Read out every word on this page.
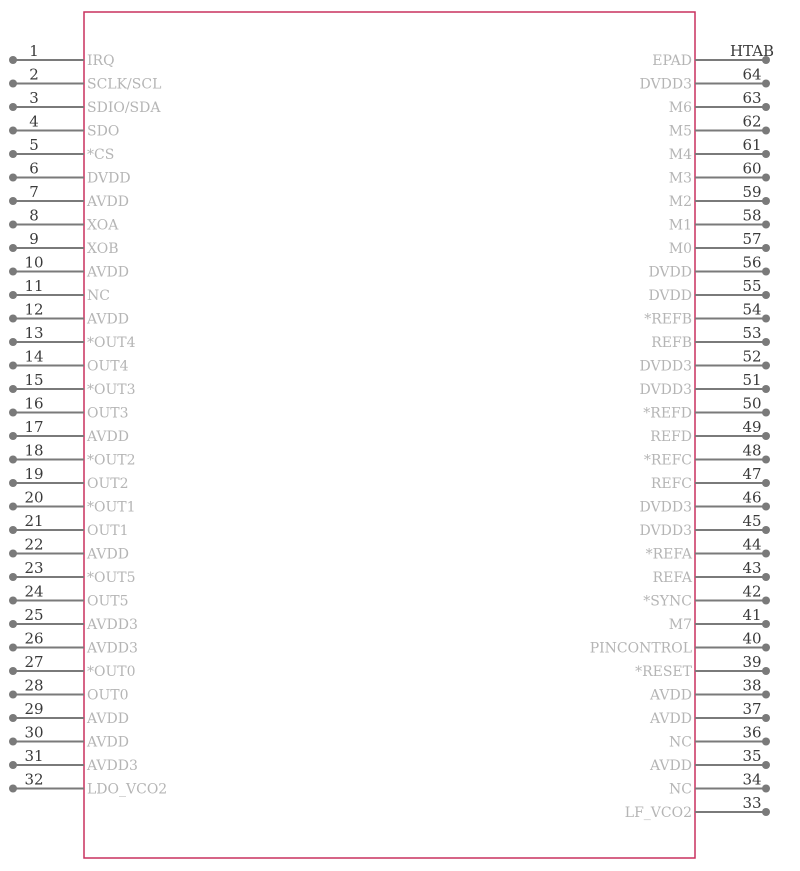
1
IRQ
2
SCLK/SCL
3
SDIO/SDA
4
SDO
5
*CS
6
DVDD
7
AVDD
8
XOA
9
XOB
10
AVDD
11
NC
12
AVDD
13
*OUT4
14
OUT4
15
*OUT3
16
OUT3
17
AVDD
18
*OUT2
19
OUT2
20
*OUT1
21
OUT1
22
AVDD
23
*OUT5
24
OUT5
25
AVDD3
26
AVDD3
27
*OUT0
28
OUT0
29
AVDD
30
AVDD
31
AVDD3
32
LDO_VCO2
HTAB
EPAD
64
DVDD3
63
M6
62
M5
61
M4
60
M3
59
M2
58
M1
57
M0
56
DVDD
55
DVDD
54
*REFB
53
REFB
52
DVDD3
51
DVDD3
50
*REFD
49
REFD
48
*REFC
47
REFC
46
DVDD3
45
DVDD3
44
*REFA
43
REFA
42
*SYNC
41
M7
40
PINCONTROL
39
*RESET
38
AVDD
37
AVDD
36
NC
35
AVDD
34
NC
33
LF_VCO2
